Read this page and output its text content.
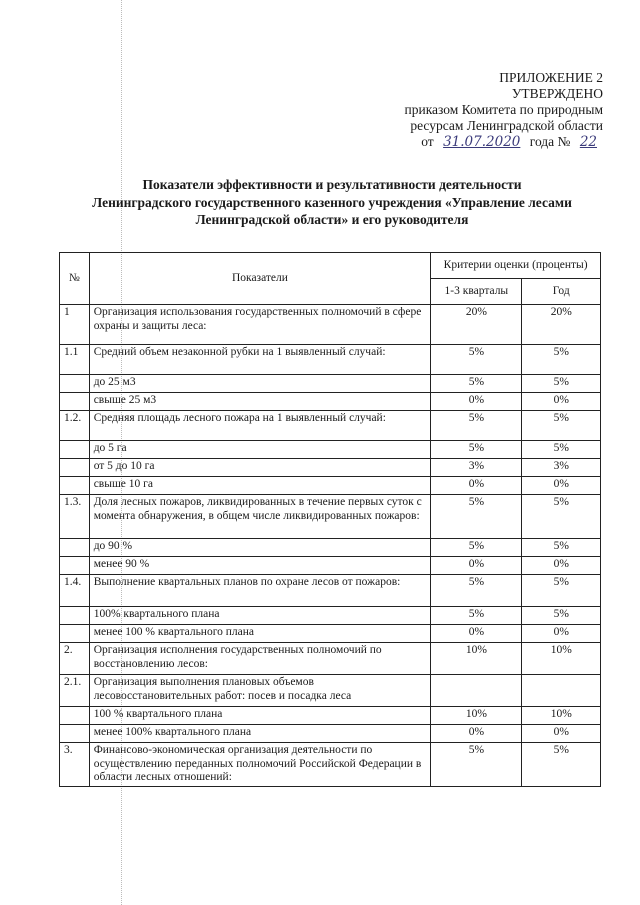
ПРИЛОЖЕНИЕ 2
УТВЕРЖДЕНО
приказом Комитета по природным
ресурсам Ленинградской области
от 31.07.2020 года № 22
Показатели эффективности и результативности деятельности
Ленинградского государственного казенного учреждения «Управление лесами
Ленинградской области» и его руководителя
№	Показатели	Критерии оценки (проценты)	
		1-3 кварталы	Год
1	Организация использования государственных полномочий в сфере охраны и защиты леса:	20%	20%
1.1	Средний объем незаконной рубки на 1 выявленный случай:	5%	5%
	до 25 м3	5%	5%
	свыше 25 м3	0%	0%
1.2.	Средняя площадь лесного пожара на 1 выявленный случай:	5%	5%
	до 5 га	5%	5%
	от 5 до 10 га	3%	3%
	свыше 10 га	0%	0%
1.3.	Доля лесных пожаров, ликвидированных в течение первых суток с момента обнаружения, в общем числе ликвидированных пожаров:	5%	5%
	до 90 %	5%	5%
	менее 90 %	0%	0%
1.4.	Выполнение квартальных планов по охране лесов от пожаров:	5%	5%
	100% квартального плана	5%	5%
	менее 100 % квартального плана	0%	0%
2.	Организация исполнения государственных полномочий по восстановлению лесов:	10%	10%
2.1.	Организация выполнения плановых объемов лесовосстановительных работ: посев и посадка леса		
	100 % квартального плана	10%	10%
	менее 100% квартального плана	0%	0%
3.	Финансово-экономическая организация деятельности по осуществлению переданных полномочий Российской Федерации в области лесных отношений:	5%	5%
